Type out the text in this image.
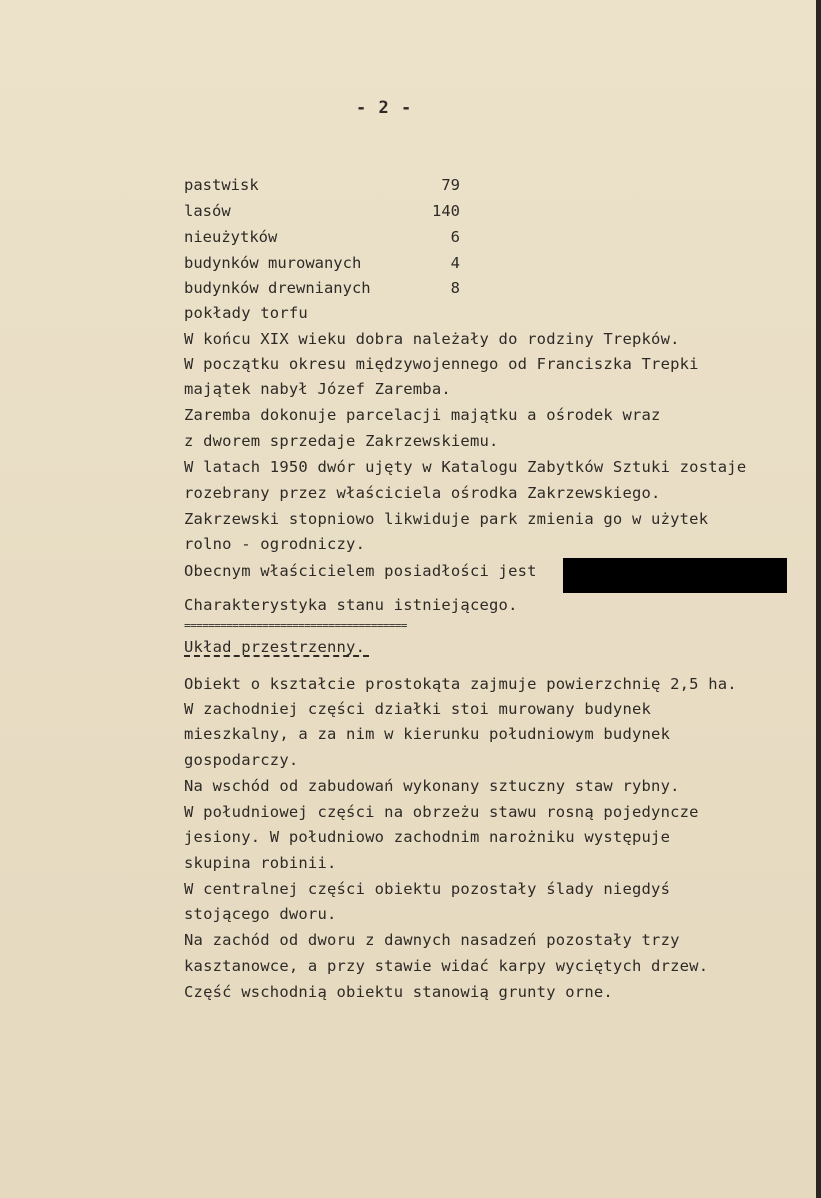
- 2 -
pastwisk	79
lasów	140
nieużytków	6
budynków murowanych	4
budynków drewnianych	8
pokłady torfu
W końcu XIX wieku dobra należały do rodziny Trepków.
W początku okresu międzywojennego od Franciszka Trepki
majątek nabył Józef Zaremba.
Zaremba dokonuje parcelacji majątku a ośrodek wraz
z dworem sprzedaje Zakrzewskiemu.
W latach 1950 dwór ujęty w Katalogu Zabytków Sztuki zostaje
rozebrany przez właściciela ośrodka Zakrzewskiego.
Zakrzewski stopniowo likwiduje park zmienia go w użytek
rolno - ogrodniczy.
Obecnym właścicielem posiadłości jest
Charakterystyka stanu istniejącego.
=====================================
Układ przestrzenny.
Obiekt o kształcie prostokąta zajmuje powierzchnię 2,5 ha.
W zachodniej części działki stoi murowany budynek
mieszkalny, a za nim w kierunku południowym budynek
gospodarczy.
Na wschód od zabudowań wykonany sztuczny staw rybny.
W południowej części na obrzeżu stawu rosną pojedyncze
jesiony. W południowo zachodnim narożniku występuje
skupina robinii.
W centralnej części obiektu pozostały ślady niegdyś
stojącego dworu.
Na zachód od dworu z dawnych nasadzeń pozostały trzy
kasztanowce, a przy stawie widać karpy wyciętych drzew.
Część wschodnią obiektu stanowią grunty orne.
